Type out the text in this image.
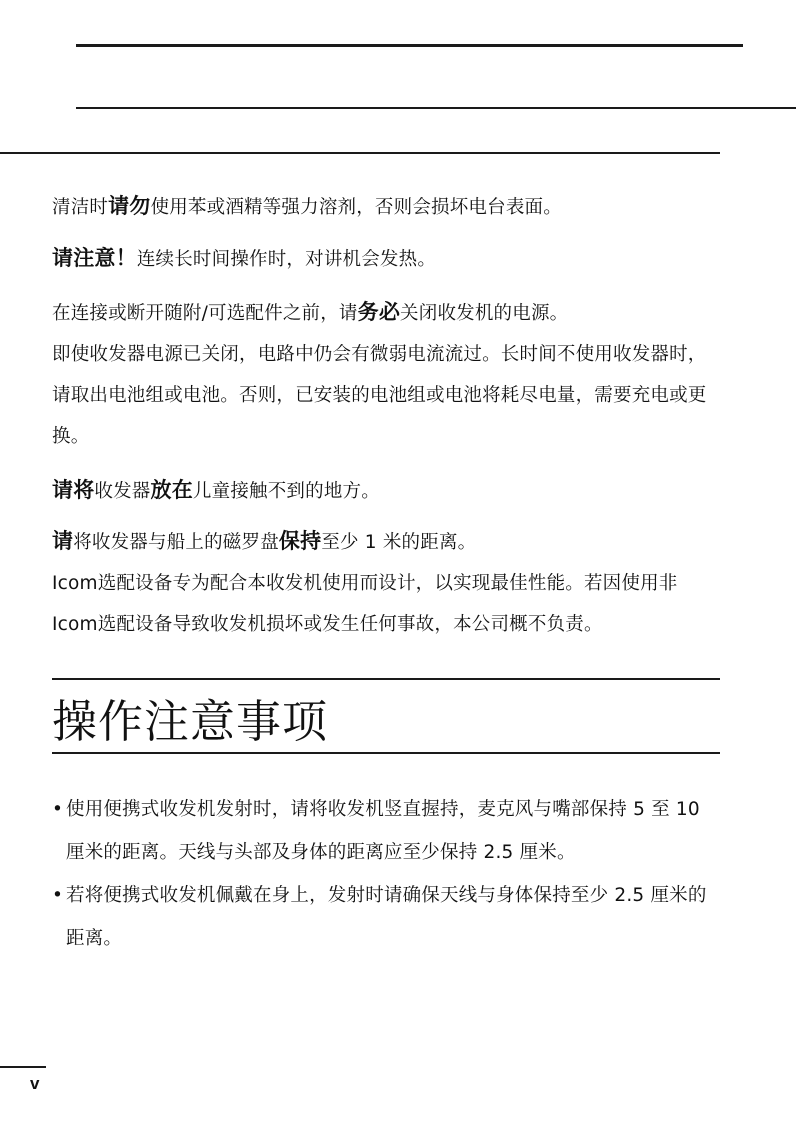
清洁时请勿使用苯或酒精等强力溶剂，否则会损坏电台表面。

请注意！连续长时间操作时，对讲机会发热。

在连接或断开随附/可选配件之前，请务必关闭收发机的电源。

即使收发器电源已关闭，电路中仍会有微弱电流流过。长时间不使用收发器时，请取出电池组或电池。否则，已安装的电池组或电池将耗尽电量，需要充电或更换。

请将收发器放在儿童接触不到的地方。

请将收发器与船上的磁罗盘保持至少 1 米的距离。

Icom选配设备专为配合本收发机使用而设计，以实现最佳性能。若因使用非Icom选配设备导致收发机损坏或发生任何事故，本公司概不负责。

操作注意事项
• 使用便携式收发机发射时，请将收发机竖直握持，麦克风与嘴部保持 5 至 10 厘米的距离。天线与头部及身体的距离应至少保持 2.5 厘米。
• 若将便携式收发机佩戴在身上，发射时请确保天线与身体保持至少 2.5 厘米的距离。
v
